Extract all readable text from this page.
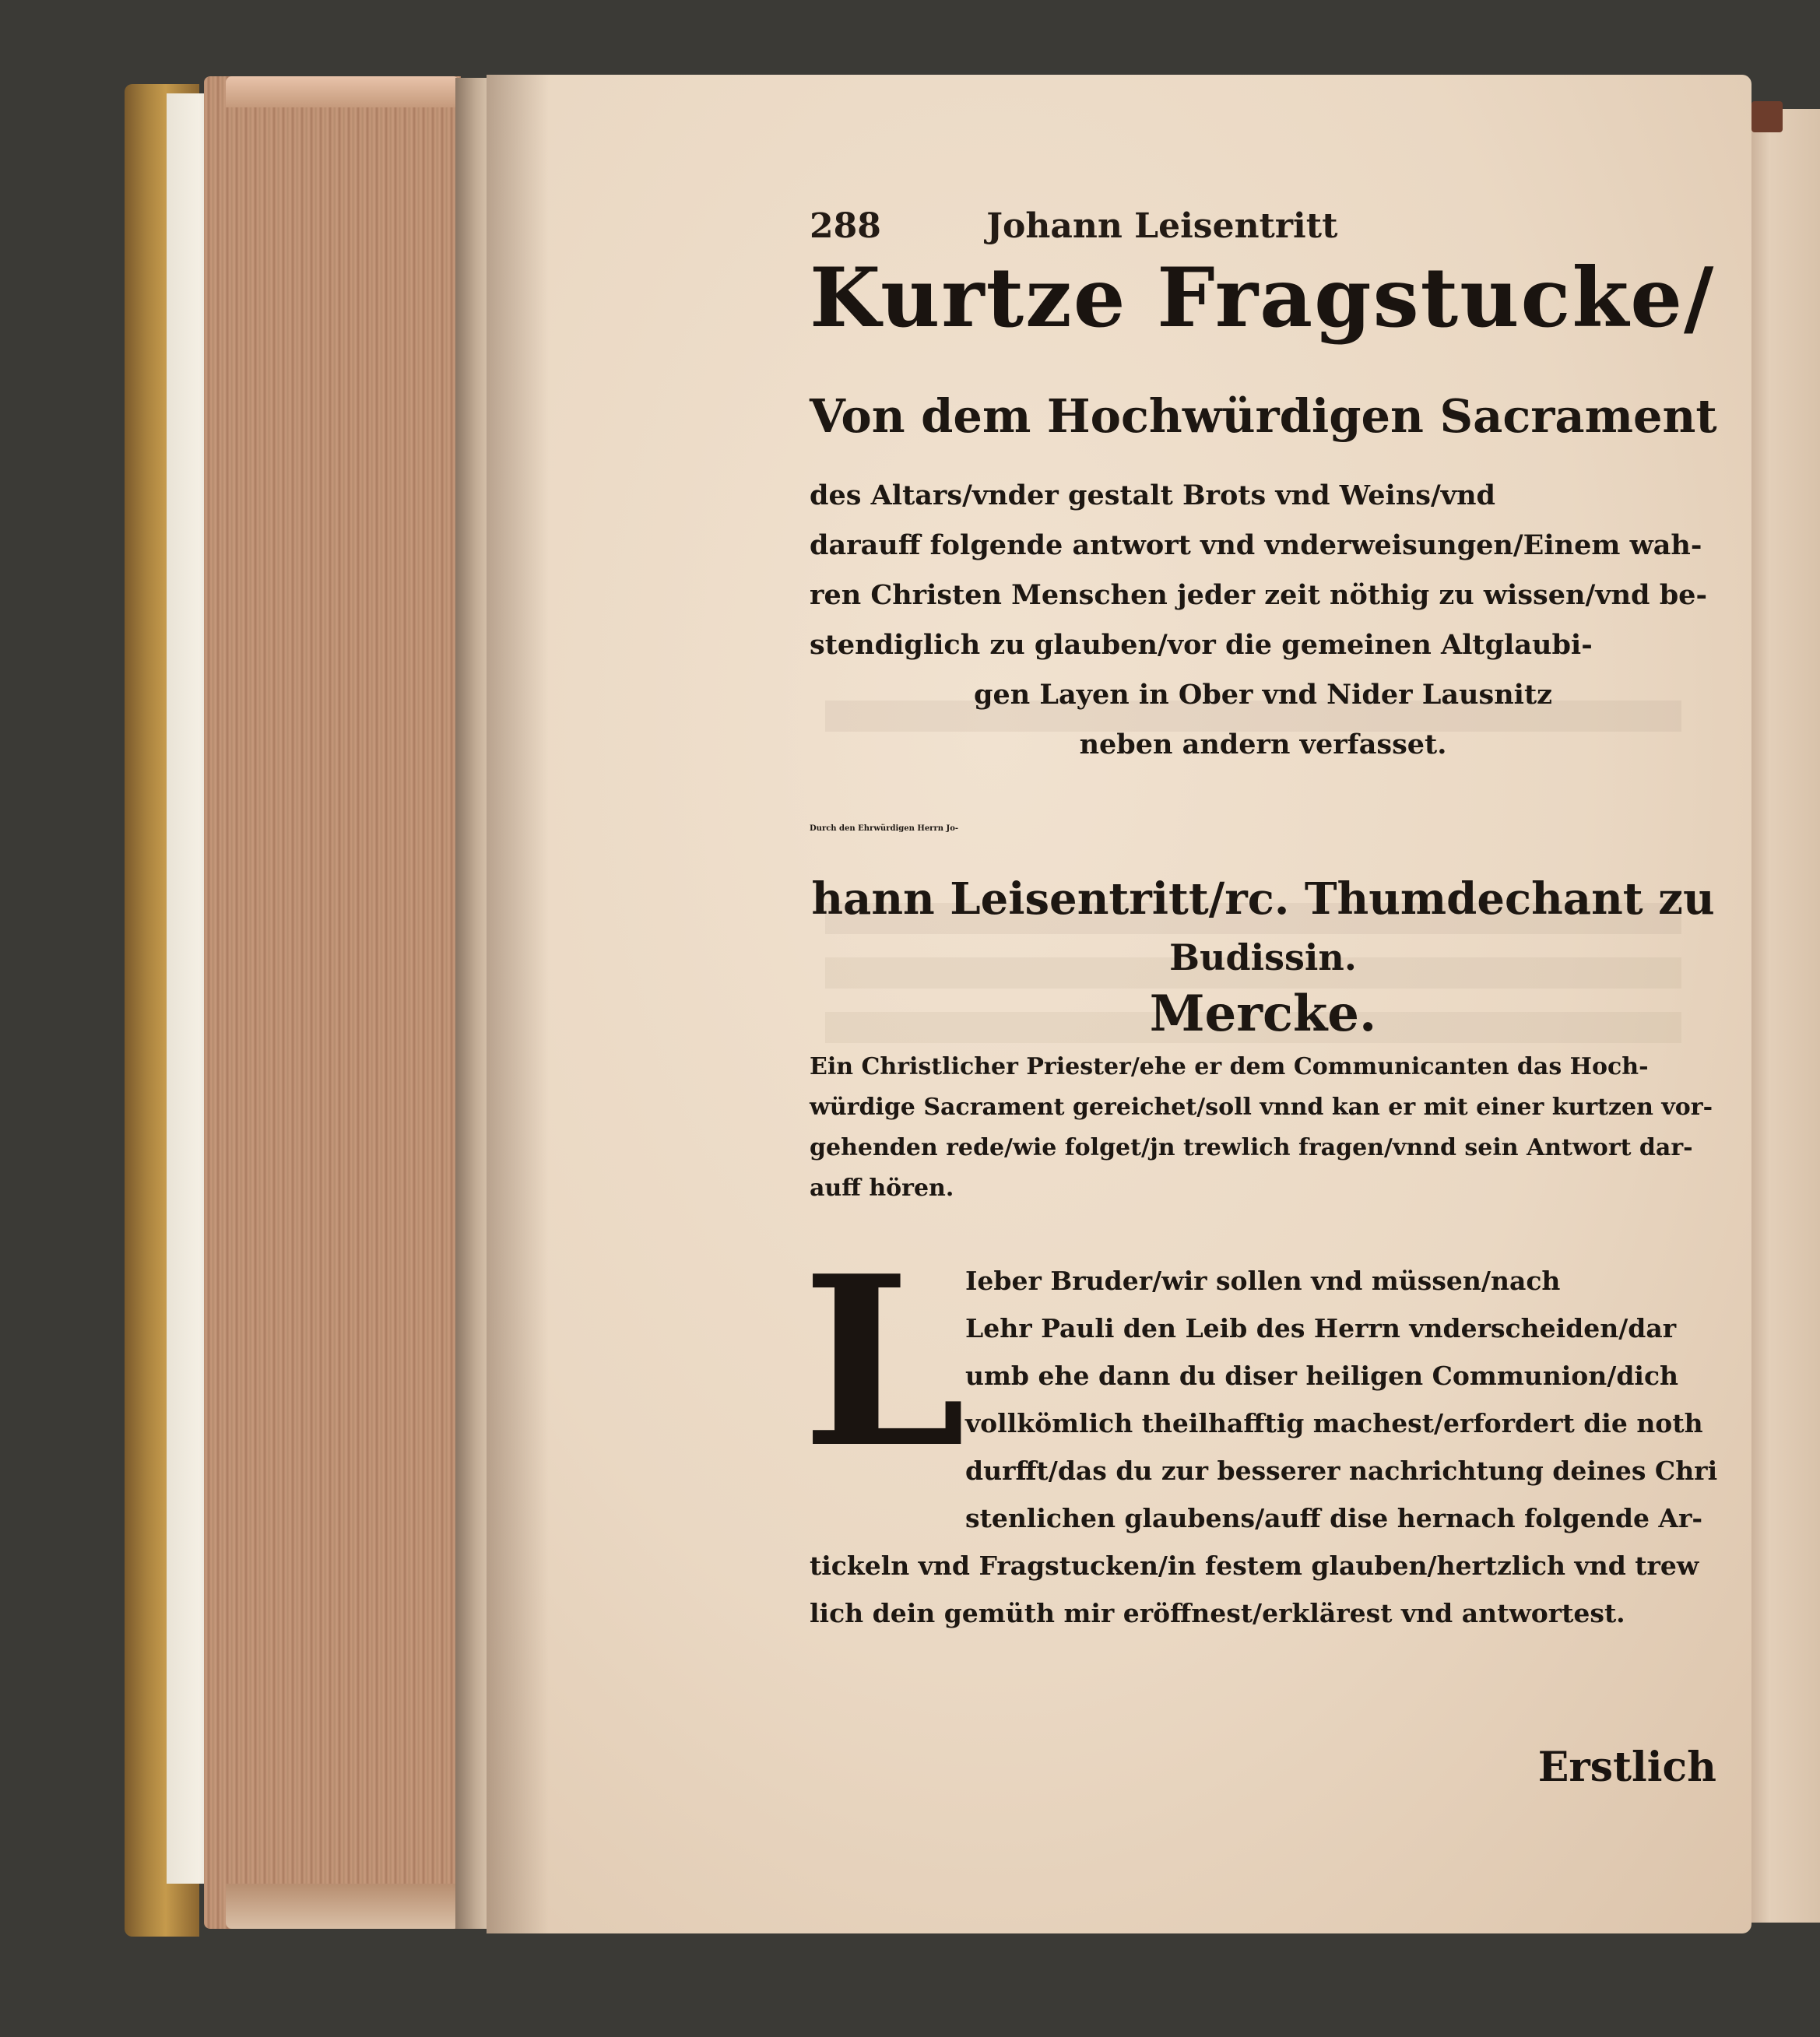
288	Johann Leisentritt
Kurtze Fragstucke/
Von dem Hochwürdigen Sacrament
des Altars/vnder gestalt Brots vnd Weins/vnd
darauff folgende antwort vnd vnderweisungen/Einem wah-
ren Christen Menschen jeder zeit nöthig zu wissen/vnd be-
stendiglich zu glauben/vor die gemeinen Altglaubi-
gen Layen in Ober vnd Nider Lausnitz
neben andern verfasset.
Durch den Ehrwürdigen Herrn Jo-
hann Leisentritt/rc. Thumdechant zu
Budissin.
Mercke.
Ein Christlicher Priester/ehe er dem Communicanten das Hoch-
würdige Sacrament gereichet/soll vnnd kan er mit einer kurtzen vor-
gehenden rede/wie folget/jn trewlich fragen/vnnd sein Antwort dar-
auff hören.
L Ieber Bruder/wir sollen vnd müssen/nach
Lehr Pauli den Leib des Herrn vnderscheiden/dar
umb ehe dann du diser heiligen Communion/dich
vollkömlich theilhafftig machest/erfordert die noth
durfft/das du zur besserer nachrichtung deines Chri
stenlichen glaubens/auff dise hernach folgende Ar-
tickeln vnd Fragstucken/in festem glauben/hertzlich vnd trew
lich dein gemüth mir eröffnest/erklärest vnd antwortest.
Erstlich
